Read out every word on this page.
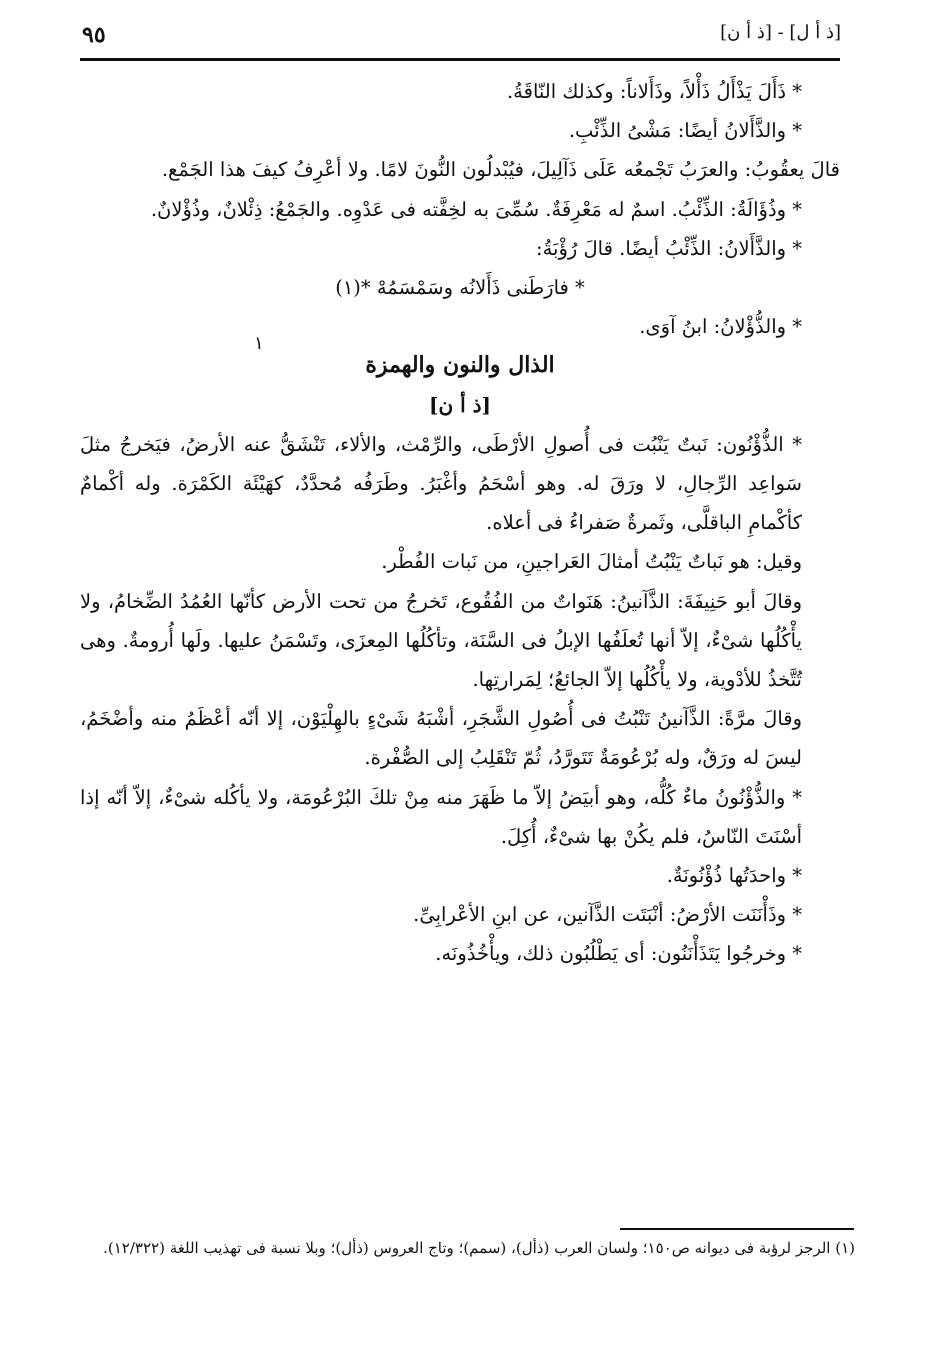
[ذ أ ل] - [ذ أ ن]
٩٥

* ذَأَلَ يَذْأَلُ ذَأْلاً، وذَأَلاناً: وكذلك النّاقَةُ.

* والذَّأَلانُ أيضًا: مَشْىُ الذِّئْبِ.

قالَ يعقُوبُ: والعرَبُ تَجْمعُه عَلَى ذَآلِيلَ، فيُبْدلُون النُّونَ لامًا. ولا أعْرِفُ كيفَ هذا الجَمْع.

* وذُؤَالَةُ: الذِّئْبُ. اسمٌ له مَعْرِفَةٌ. سُمِّىَ به لخِفَّته فى عَدْوِه. والجَمْعُ: ذِئْلانٌ، وذُؤْلانٌ.

* والذَّأَلانُ: الذِّئْبُ أيضًا. قالَ رُؤْبَةُ:

* فارَطَنى ذَأَلانُه وسَمْسَمُهْ *(١)

* والذُّؤْلانُ: ابنُ آوَى.

الذال والنون والهمزة

[ذ أ ن]

* الذُّؤْنُون: نَبتٌ يَنْبُت فى أُصولِ الأرْطَى، والرِّمْث، والألاء، تَنْشَقُّ عنه الأرضُ، فيَخرجُ مثلَ سَواعِد الرِّجالِ، لا ورَقَ له. وهو أسْحَمُ وأغْبَرُ. وطَرَفُه مُحدَّدٌ، كهَيْئَة الكَمْرَة. وله أكْمامٌ كأكْمامِ الباقلَّى، وثَمرةٌ صَفراءُ فى أعلاه.

وقيل: هو نَباتٌ يَنْبُتُ أمثالَ العَراجينِ، من نَبات الفُطْر.

وقالَ أبو حَنِيفَةَ: الذَّآنينُ: هَنَواتٌ من الفُقُوع، تَخرجُ من تحت الأرض كأنّها العُمُدُ الضِّخامُ، ولا يأْكُلُها شىْءٌ، إلاّ أنها تُعلَفُها الإبلُ فى السَّنَة، وتأكُلُها المِعزَى، وتَسْمَنُ عليها. ولَها أُرومةٌ. وهى تُتَّخذُ للأدْوية، ولا يأْكُلُها إلاّ الجائعُ؛ لِمَرارتِها.

وقالَ مرَّةً: الذَّآنينُ تَنْبُتُ فى أُصُولِ الشَّجَرِ، أشْبَهُ شَىْءٍ بالهِلْيَوْن، إلا أنّه أعْظَمُ منه وأضْخَمُ، ليسَ له ورَقٌ، وله بُرْعُومَةٌ تَتَورَّدُ، ثُمّ تَنْقَلِبُ إلى الصُّفْرة.

* والذُّؤْنُونُ ماءٌ كُلُّه، وهو أبيَضُ إلاّ ما ظَهَرَ منه مِنْ تلكَ البُرْعُومَة، ولا يأكُله شىْءٌ، إلاّ أنّه إذا أسْنَتَ النّاسُ، فلم يكُنْ بها شىْءٌ، أُكِلَ.

* واحدَتُها ذُؤْنُونَةٌ.

* وذَأْنَنَت الأرْضُ: أنْبَتَت الذَّآنين، عن ابنِ الأعْرابِىِّ.

* وخرجُوا يَتَذَأْنَنُون: أى يَطْلُبُون ذلك، ويأْخُذُونَه.

١

(١) الرجز لرؤبة فى ديوانه ص١٥٠؛ ولسان العرب (ذأل)، (سمم)؛ وتاج العروس (ذأل)؛ وبلا نسبة فى تهذيب اللغة (١٢/٣٢٢).
